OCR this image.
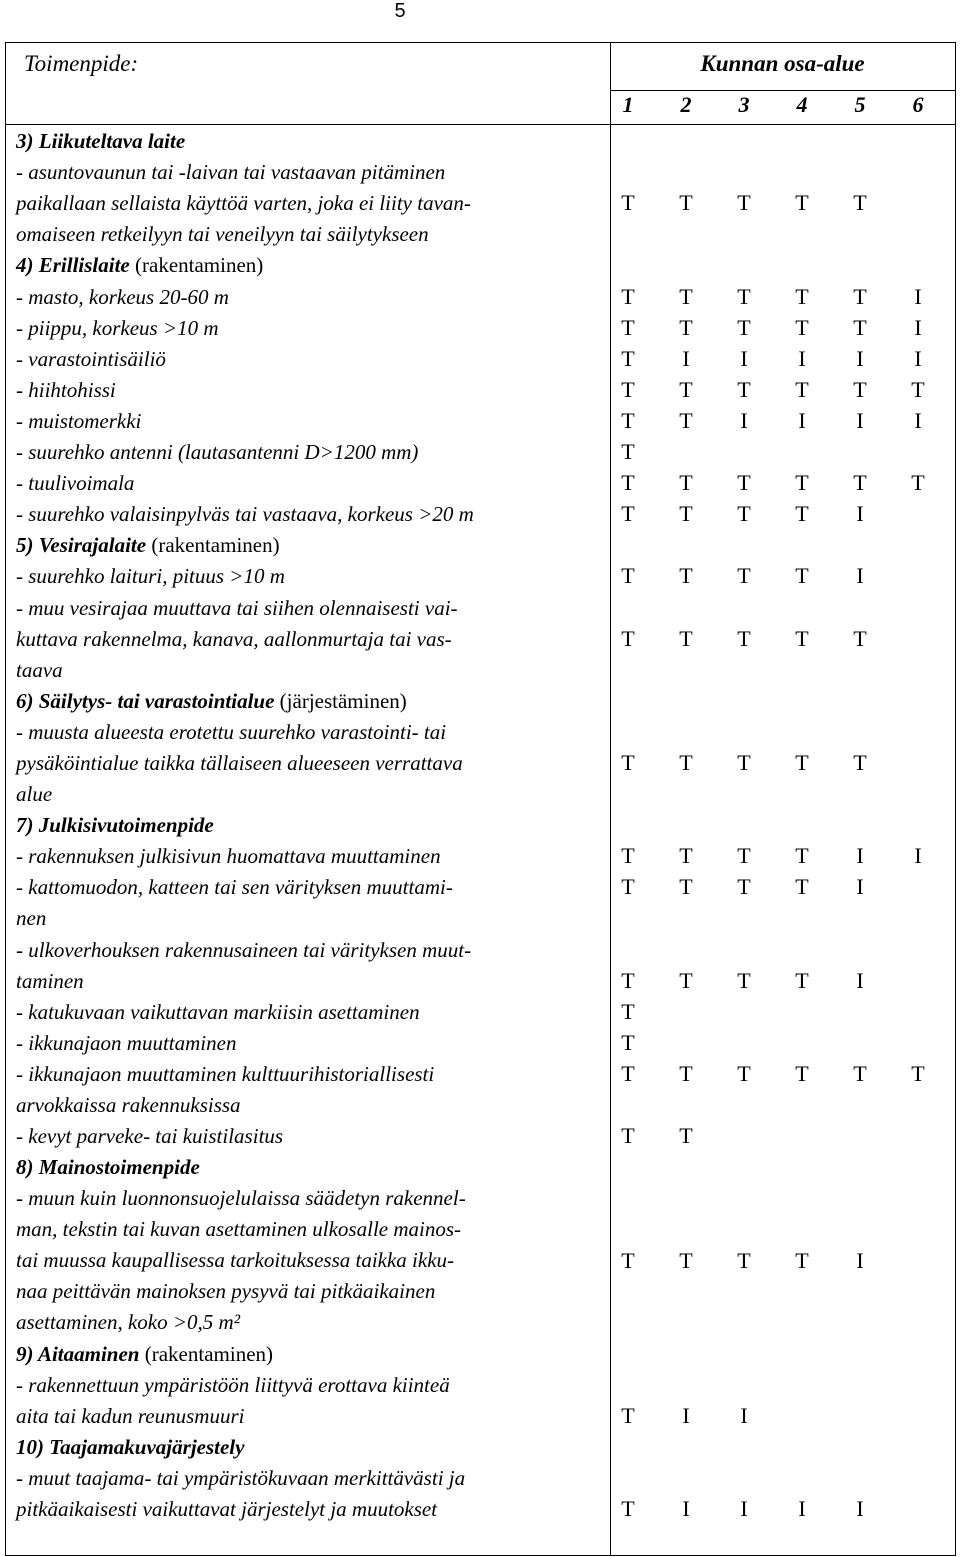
5
Toimenpide:	Kunnan osa-alue
1	2	3	4	5	6
3) Liikuteltava laite
- asuntovaunun tai -laivan tai vastaavan pitäminen
paikallaan sellaista käyttöä varten, joka ei liity tavan-
omaiseen retkeilyyn tai veneilyyn tai säilytykseen
T	T	T	T	T
4) Erillislaite (rakentaminen)
- masto, korkeus 20-60 m	T	T	T	T	T	I
- piippu, korkeus >10 m	T	T	T	T	T	I
- varastointisäiliö	T	I	I	I	I	I
- hiihtohissi	T	T	T	T	T	T
- muistomerkki	T	T	I	I	I	I
- suurehko antenni (lautasantenni D>1200 mm)	T
- tuulivoimala	T	T	T	T	T	T
- suurehko valaisinpylväs tai vastaava, korkeus >20 m	T	T	T	T	I
5) Vesirajalaite (rakentaminen)
- suurehko laituri, pituus >10 m	T	T	T	T	I
- muu vesirajaa muuttava tai siihen olennaisesti vai-
kuttava rakennelma, kanava, aallonmurtaja tai vas-
taava
T	T	T	T	T
6) Säilytys- tai varastointialue (järjestäminen)
- muusta alueesta erotettu suurehko varastointi- tai
pysäköintialue taikka tällaiseen alueeseen verrattava
alue
T	T	T	T	T
7) Julkisivutoimenpide
- rakennuksen julkisivun huomattava muuttaminen	T	T	T	T	I	I
- kattomuodon, katteen tai sen värityksen muuttami-
nen
T	T	T	T	I
- ulkoverhouksen rakennusaineen tai värityksen muut-
taminen	T	T	T	T	I
- katukuvaan vaikuttavan markiisin asettaminen	T
- ikkunajaon muuttaminen	T
- ikkunajaon muuttaminen kulttuurihistoriallisesti
arvokkaissa rakennuksissa
T	T	T	T	T	T
- kevyt parveke- tai kuistilasitus	T	T
8) Mainostoimenpide
- muun kuin luonnonsuojelulaissa säädetyn rakennel-
man, tekstin tai kuvan asettaminen ulkosalle mainos-
tai muussa kaupallisessa tarkoituksessa taikka ikku-
naa peittävän mainoksen pysyvä tai pitkäaikainen
asettaminen, koko >0,5 m²
T	T	T	T	I
9) Aitaaminen (rakentaminen)
- rakennettuun ympäristöön liittyvä erottava kiinteä
aita tai kadun reunusmuuri	T	I	I
10) Taajamakuvajärjestely
- muut taajama- tai ympäristökuvaan merkittävästi ja
pitkäaikaisesti vaikuttavat järjestelyt ja muutokset	T	I	I	I	I
